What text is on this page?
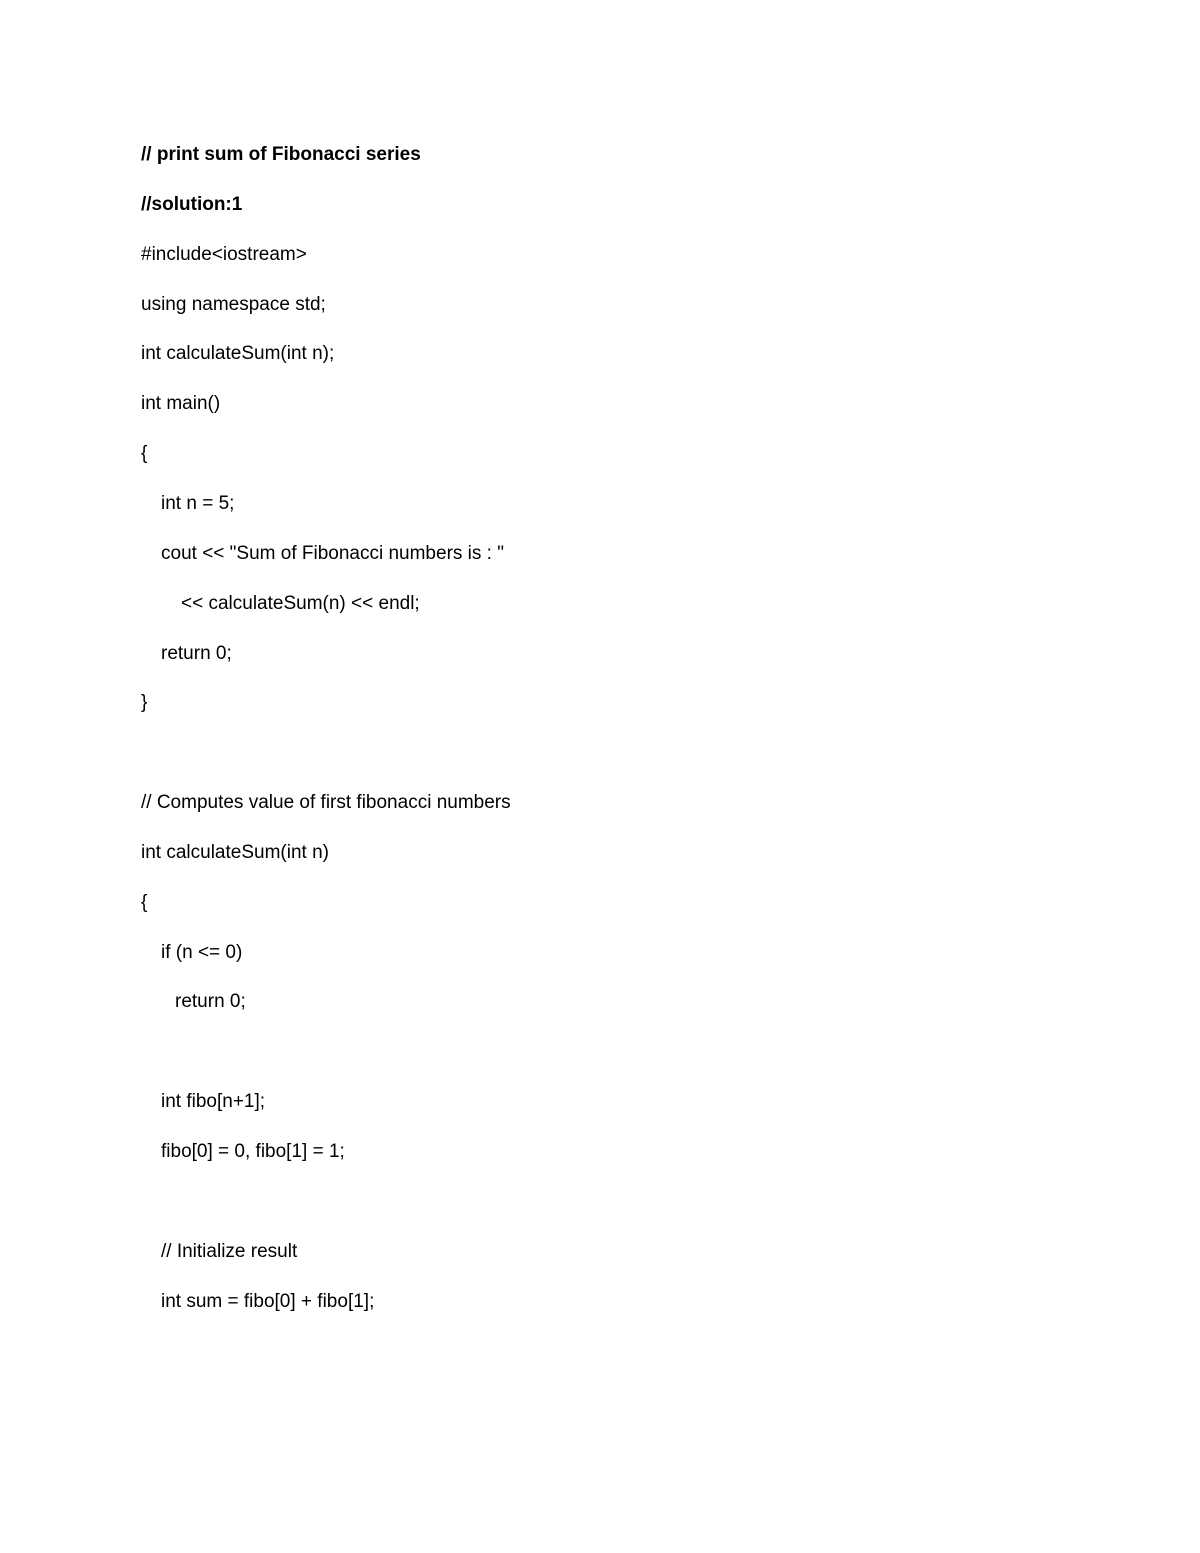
// print sum of Fibonacci series
//solution:1
#include<iostream>
using namespace std;
int calculateSum(int n);
int main()
{
int n = 5;
cout << "Sum of Fibonacci numbers is : "
<< calculateSum(n) << endl;
return 0;
}
// Computes value of first fibonacci numbers
int calculateSum(int n)
{
if (n <= 0)
return 0;
int fibo[n+1];
fibo[0] = 0, fibo[1] = 1;
// Initialize result
int sum = fibo[0] + fibo[1];
